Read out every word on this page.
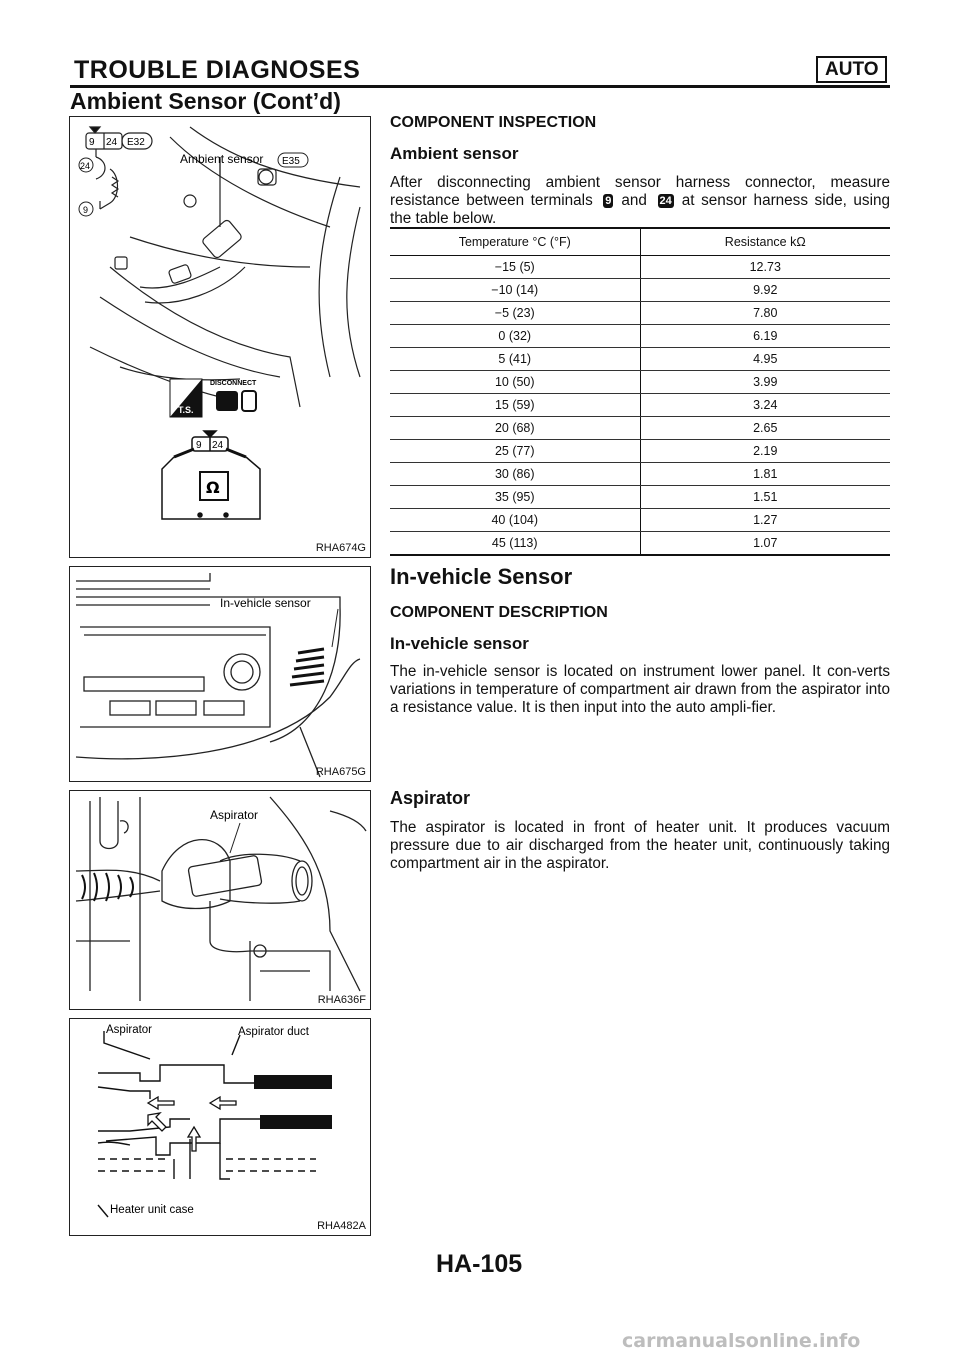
TROUBLE DIAGNOSES	AUTO
Ambient Sensor (Cont’d)
Ambient sensor
E32
E35
9 24
24
9
T.S.
DISCONNECT
9 24
Ω
RHA674G
In-vehicle sensor
RHA675G
Aspirator
RHA636F
Aspirator	Aspirator duct
Heater unit case
RHA482A
COMPONENT INSPECTION
Ambient sensor
After disconnecting ambient sensor harness connector, measure resistance between terminals 9 and 24 at sensor harness side, using the table below.
Temperature °C (°F)	Resistance kΩ
−15 (5)	12.73
−10 (14)	9.92
−5 (23)	7.80
0 (32)	6.19
5 (41)	4.95
10 (50)	3.99
15 (59)	3.24
20 (68)	2.65
25 (77)	2.19
30 (86)	1.81
35 (95)	1.51
40 (104)	1.27
45 (113)	1.07
In-vehicle Sensor
COMPONENT DESCRIPTION
In-vehicle sensor
The in-vehicle sensor is located on instrument lower panel. It con-verts variations in temperature of compartment air drawn from the aspirator into a resistance value. It is then input into the auto ampli-fier.
Aspirator
The aspirator is located in front of heater unit. It produces vacuum pressure due to air discharged from the heater unit, continuously taking compartment air in the aspirator.
HA-105
carmanualsonline.info
